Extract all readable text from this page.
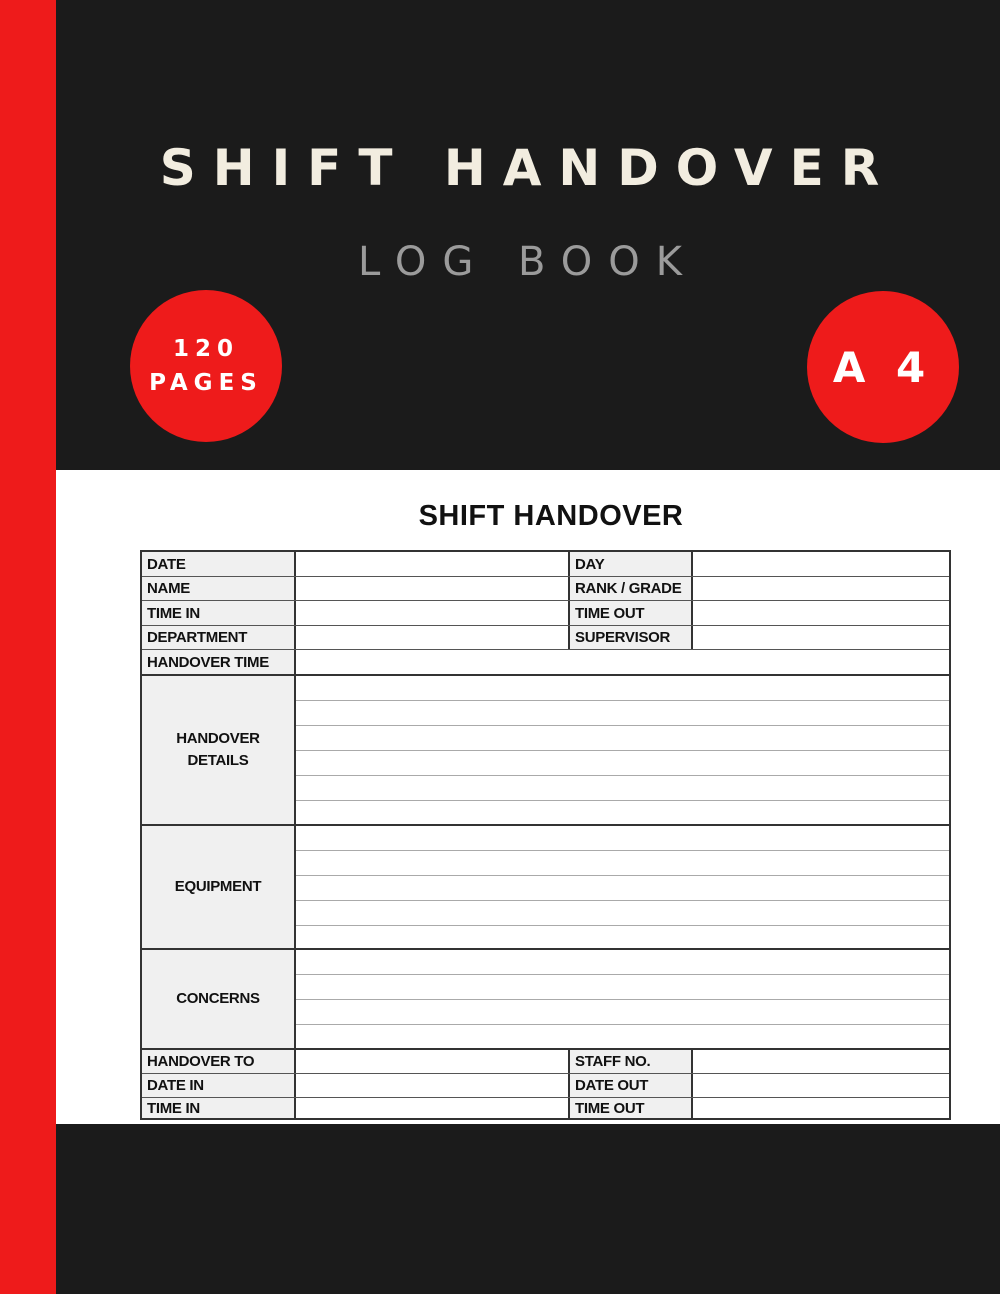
SHIFT HANDOVER
LOG BOOK
120
PAGES	A 4
SHIFT HANDOVER
DATE	DAY
NAME	RANK / GRADE
TIME IN	TIME OUT
DEPARTMENT	SUPERVISOR
HANDOVER TIME
HANDOVER
DETAILS
EQUIPMENT
CONCERNS
HANDOVER TO	STAFF NO.
DATE IN	DATE OUT
TIME IN	TIME OUT
